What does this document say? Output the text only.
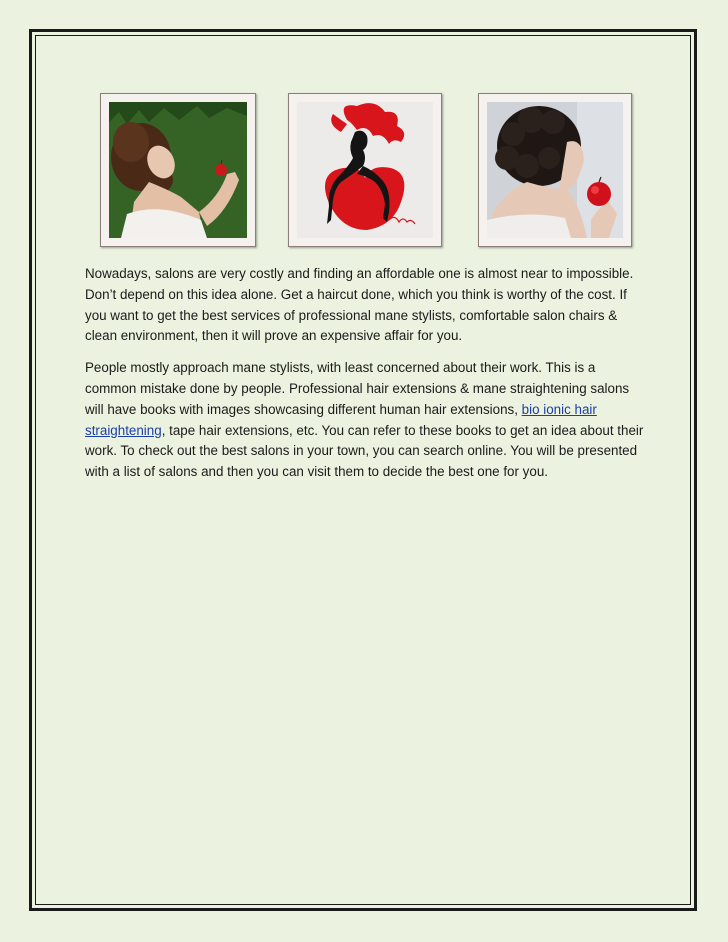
Nowadays, salons are very costly and finding an affordable one is almost near to impossible. Don’t depend on this idea alone. Get a haircut done, which you think is worthy of the cost. If you want to get the best services of professional mane stylists, comfortable salon chairs & clean environment, then it will prove an expensive affair for you.

People mostly approach mane stylists, with least concerned about their work. This is a common mistake done by people. Professional hair extensions & mane straightening salons will have books with images showcasing different human hair extensions, bio ionic hair straightening, tape hair extensions, etc. You can refer to these books to get an idea about their work. To check out the best salons in your town, you can search online. You will be presented with a list of salons and then you can visit them to decide the best one for you.
